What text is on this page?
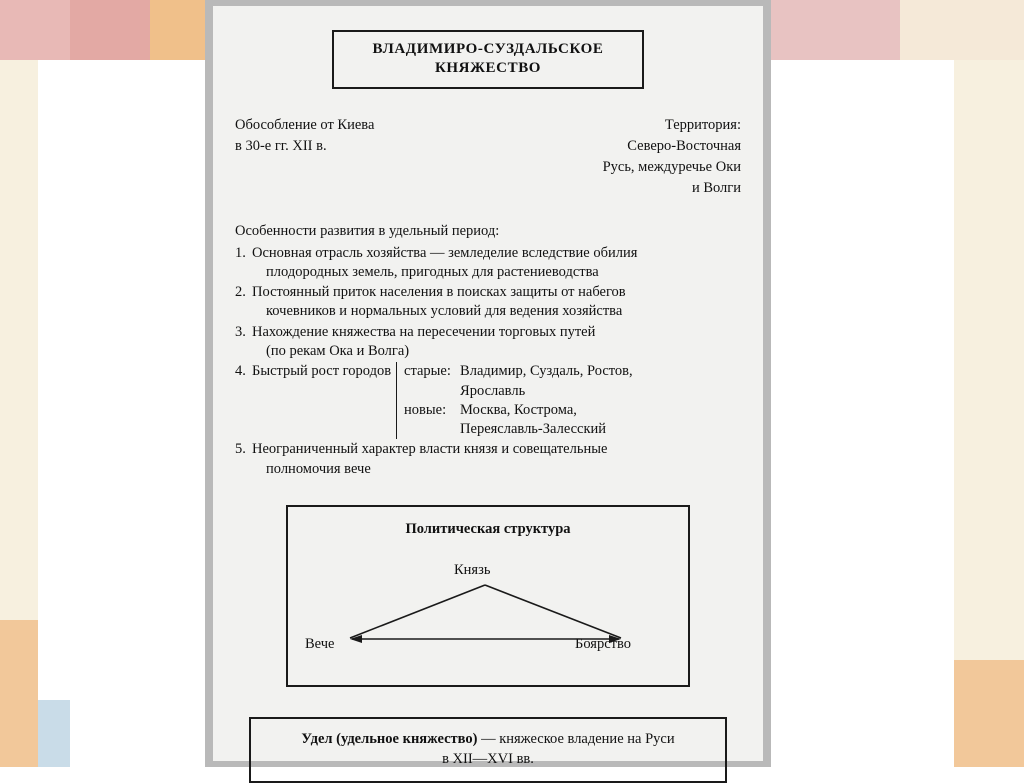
ВЛАДИМИРО-СУЗДАЛЬСКОЕ
КНЯЖЕСТВО
Обособление от Киева
в 30-е гг. XII в.
Территория:
Северо-Восточная
Русь, междуречье Оки
и Волги
Особенности развития в удельный период:
1. Основная отрасль хозяйства — земледелие вследствие обилия
плодородных земель, пригодных для растениеводства
2. Постоянный приток населения в поисках защиты от набегов
кочевников и нормальных условий для ведения хозяйства
3. Нахождение княжества на пересечении торговых путей
(по рекам Ока и Волга)
4. Быстрый рост городов старые: Владимир, Суздаль, Ростов,
Ярославль
новые: Москва, Кострома,
Переяславль-Залесский
5. Неограниченный характер власти князя и совещательные
полномочия вече
Политическая структура
Князь
Вече	Боярство
Удел (удельное княжество) — княжеское владение на Руси
в XII—XVI вв.
